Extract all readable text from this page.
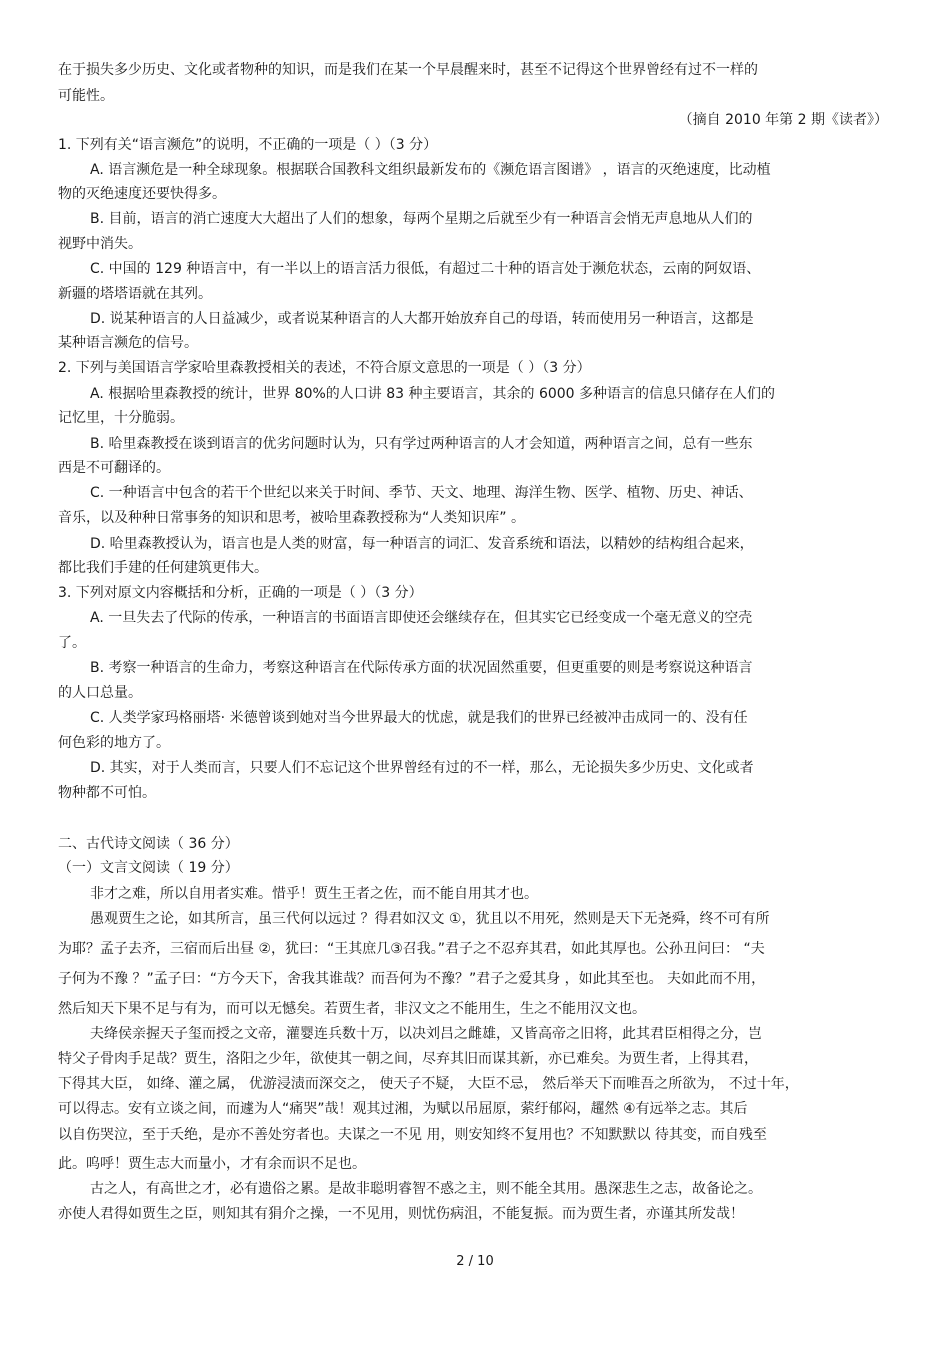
在于损失多少历史、文化或者物种的知识，而是我们在某一个早晨醒来时，甚至不记得这个世界曾经有过不一样的
可能性。
（摘自 2010 年第 2 期《读者》）
1. 下列有关“语言濒危”的说明，不正确的一项是（ ）（3 分）
A. 语言濒危是一种全球现象。根据联合国教科文组织最新发布的《濒危语言图谱》 ，语言的灭绝速度，比动植
物的灭绝速度还要快得多。
B. 目前，语言的消亡速度大大超出了人们的想象，每两个星期之后就至少有一种语言会悄无声息地从人们的
视野中消失。
C. 中国的 129 种语言中，有一半以上的语言活力很低，有超过二十种的语言处于濒危状态，云南的阿奴语、
新疆的塔塔语就在其列。
D. 说某种语言的人日益减少，或者说某种语言的人大都开始放弃自己的母语，转而使用另一种语言，这都是
某种语言濒危的信号。
2. 下列与美国语言学家哈里森教授相关的表述，不符合原文意思的一项是（ ）（3 分）
A. 根据哈里森教授的统计，世界 80%的人口讲 83 种主要语言，其余的 6000 多种语言的信息只储存在人们的
记忆里，十分脆弱。
B. 哈里森教授在谈到语言的优劣问题时认为，只有学过两种语言的人才会知道，两种语言之间，总有一些东
西是不可翻译的。
C. 一种语言中包含的若干个世纪以来关于时间、季节、天文、地理、海洋生物、医学、植物、历史、神话、
音乐，以及种种日常事务的知识和思考，被哈里森教授称为“人类知识库” 。
D. 哈里森教授认为，语言也是人类的财富，每一种语言的词汇、发音系统和语法，以精妙的结构组合起来，
都比我们手建的任何建筑更伟大。
3. 下列对原文内容概括和分析，正确的一项是（ ）（3 分）
A. 一旦失去了代际的传承，一种语言的书面语言即使还会继续存在，但其实它已经变成一个毫无意义的空壳
了。
B. 考察一种语言的生命力，考察这种语言在代际传承方面的状况固然重要，但更重要的则是考察说这种语言
的人口总量。
C. 人类学家玛格丽塔· 米德曾谈到她对当今世界最大的忧虑，就是我们的世界已经被冲击成同一的、没有任
何色彩的地方了。
D. 其实，对于人类而言，只要人们不忘记这个世界曾经有过的不一样，那么，无论损失多少历史、文化或者
物种都不可怕。
二、古代诗文阅读（ 36 分）
（一）文言文阅读（ 19 分）
非才之难，所以自用者实难。惜乎！贾生王者之佐，而不能自用其才也。
愚观贾生之论，如其所言，虽三代何以远过 ？得君如汉文 ①，犹且以不用死，然则是天下无尧舜，终不可有所
为耶？孟子去齐，三宿而后出昼 ②，犹曰：“王其庶几③召我。”君子之不忍弃其君，如此其厚也。公孙丑问曰： “夫
子何为不豫 ？”孟子曰：“方今天下，舍我其谁哉？而吾何为不豫？”君子之爱其身 ，如此其至也。 夫如此而不用，
然后知天下果不足与有为，而可以无憾矣。若贾生者，非汉文之不能用生，生之不能用汉文也。
夫绛侯亲握天子玺而授之文帝，灌婴连兵数十万，以决刘吕之雌雄，又皆高帝之旧将，此其君臣相得之分，岂
特父子骨肉手足哉？贾生，洛阳之少年，欲使其一朝之间，尽弃其旧而谋其新，亦已难矣。为贾生者，上得其君，
下得其大臣， 如绛、灌之属， 优游浸渍而深交之， 使天子不疑， 大臣不忌， 然后举天下而唯吾之所欲为， 不过十年，
可以得志。安有立谈之间，而遽为人“痛哭”哉！观其过湘，为赋以吊屈原，萦纡郁闷，趯然 ④有远举之志。其后
以自伤哭泣，至于夭绝，是亦不善处穷者也。夫谋之一不见 用，则安知终不复用也？不知默默以 待其变，而自残至
此。呜呼！贾生志大而量小，才有余而识不足也。
古之人，有高世之才，必有遗俗之累。是故非聪明睿智不惑之主，则不能全其用。愚深悲生之志，故备论之。
亦使人君得如贾生之臣，则知其有狷介之操，一不见用，则忧伤病沮，不能复振。而为贾生者，亦谨其所发哉！
2 / 10
